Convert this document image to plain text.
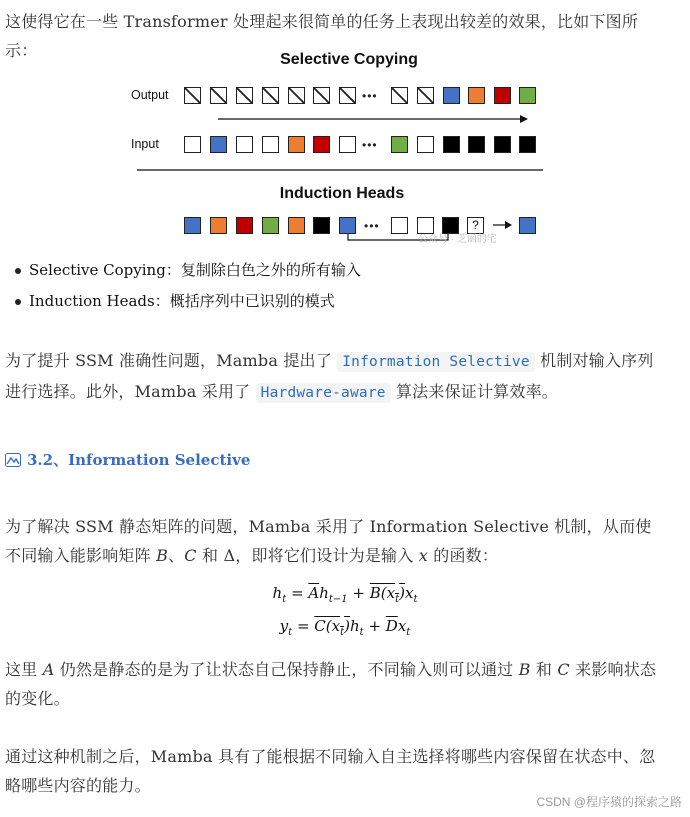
这使得它在一些 Transformer 处理起来很简单的任务上表现出较差的效果，比如下图所示：	Selective Copying
Output
Input
•••
•••
Induction Heads
•••	?
公众号 · 芝函的宅
Selective Copying：复制除白色之外的所有输入
Induction Heads：概括序列中已识别的模式

为了提升 SSM 准确性问题，Mamba 提出了 Information Selective 机制对输入序列进行选择。此外，Mamba 采用了 Hardware-aware 算法来保证计算效率。

3.2、Information Selective

为了解决 SSM 静态矩阵的问题，Mamba 采用了 Information Selective 机制，从而使不同输入能影响矩阵 B、C 和 Δ，即将它们设计为是输入 x 的函数：

$h_t = \overline{A}h_{t-1} + B(x_t)x_t$
$y_t = C(x_t)h_t + \overline{D}x_t$

这里 A 仍然是静态的是为了让状态自己保持静止，不同输入则可以通过 B 和 C 来影响状态的变化。

通过这种机制之后，Mamba 具有了能根据不同输入自主选择将哪些内容保留在状态中、忽略哪些内容的能力。

CSDN @程序猿的探索之路
